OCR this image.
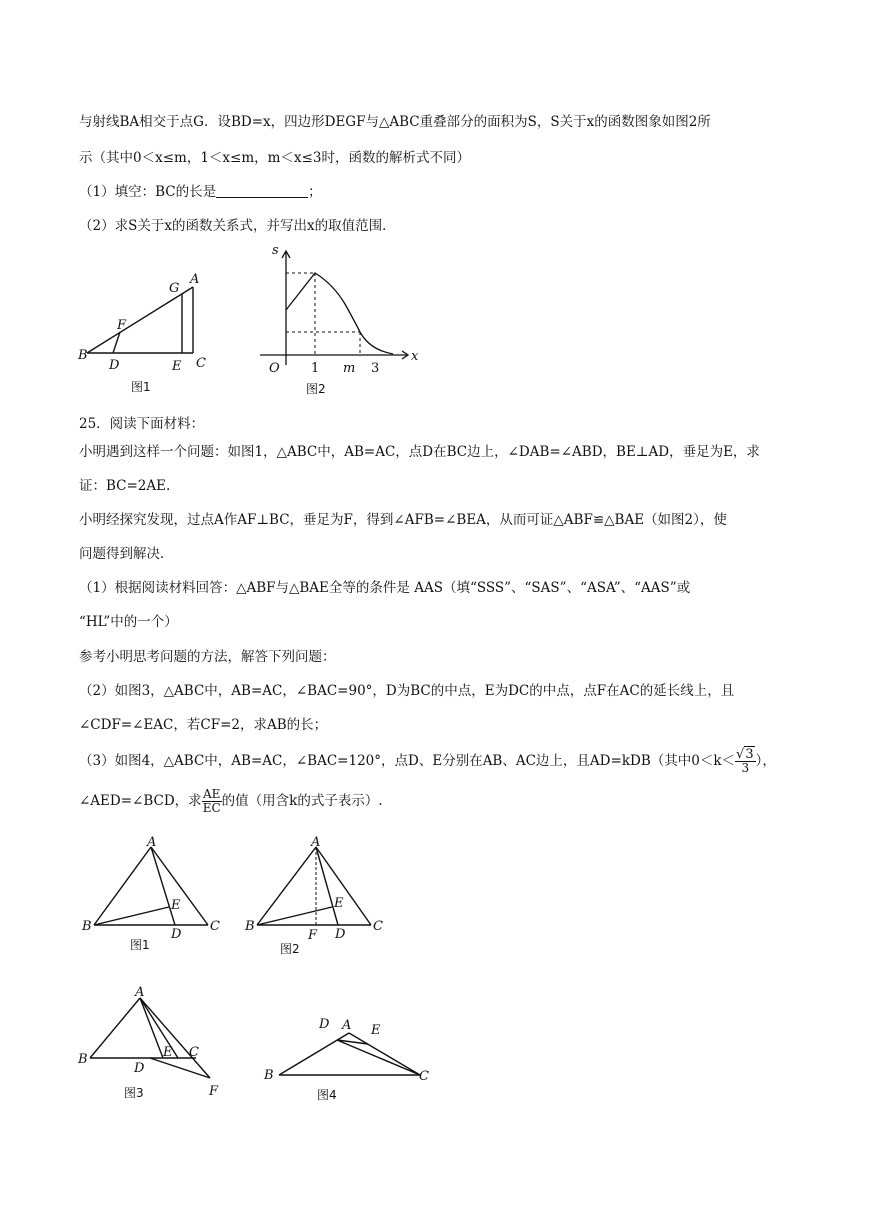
与射线BA相交于点G．设BD=x，四边形DEGF与△ABC重叠部分的面积为S，S关于x的函数图象如图2所
示（其中0＜x≤m，1＜x≤m，m＜x≤3时，函数的解析式不同）
（1）填空：BC的长是	；
（2）求S关于x的函数关系式，并写出x的取值范围．
B
D
F
E C
G
A
图1
s
x
O 1 m 3
图2
25．阅读下面材料：
小明遇到这样一个问题：如图1，△ABC中，AB=AC，点D在BC边上，∠DAB=∠ABD，BE⊥AD，垂足为E，求
证：BC=2AE.
小明经探究发现，过点A作AF⊥BC，垂足为F，得到∠AFB=∠BEA，从而可证△ABF≌△BAE（如图2），使
问题得到解决．
（1）根据阅读材料回答：△ABF与△BAE全等的条件是 AAS（填“SSS”、“SAS”、“ASA”、“AAS”或
“HL”中的一个）
参考小明思考问题的方法，解答下列问题：
（2）如图3，△ABC中，AB=AC，∠BAC=90°，D为BC的中点，E为DC的中点，点F在AC的延长线上，且
∠CDF=∠EAC，若CF=2，求AB的长；
（3）如图4，△ABC中，AB=AC，∠BAC=120°，点D、E分别在AB、AC边上，且AD=kDB（其中$0<k< \frac{√3}{3}$ ），
∠AED=∠BCD，求 $\frac{AE}{EC}$ 的值（用含k的式子表示）.
A
B	C
D
E
图1
A
B	C
D
E
F
图2
A
B	C
D
E
F
图3
A
B	C
D	E
图4
